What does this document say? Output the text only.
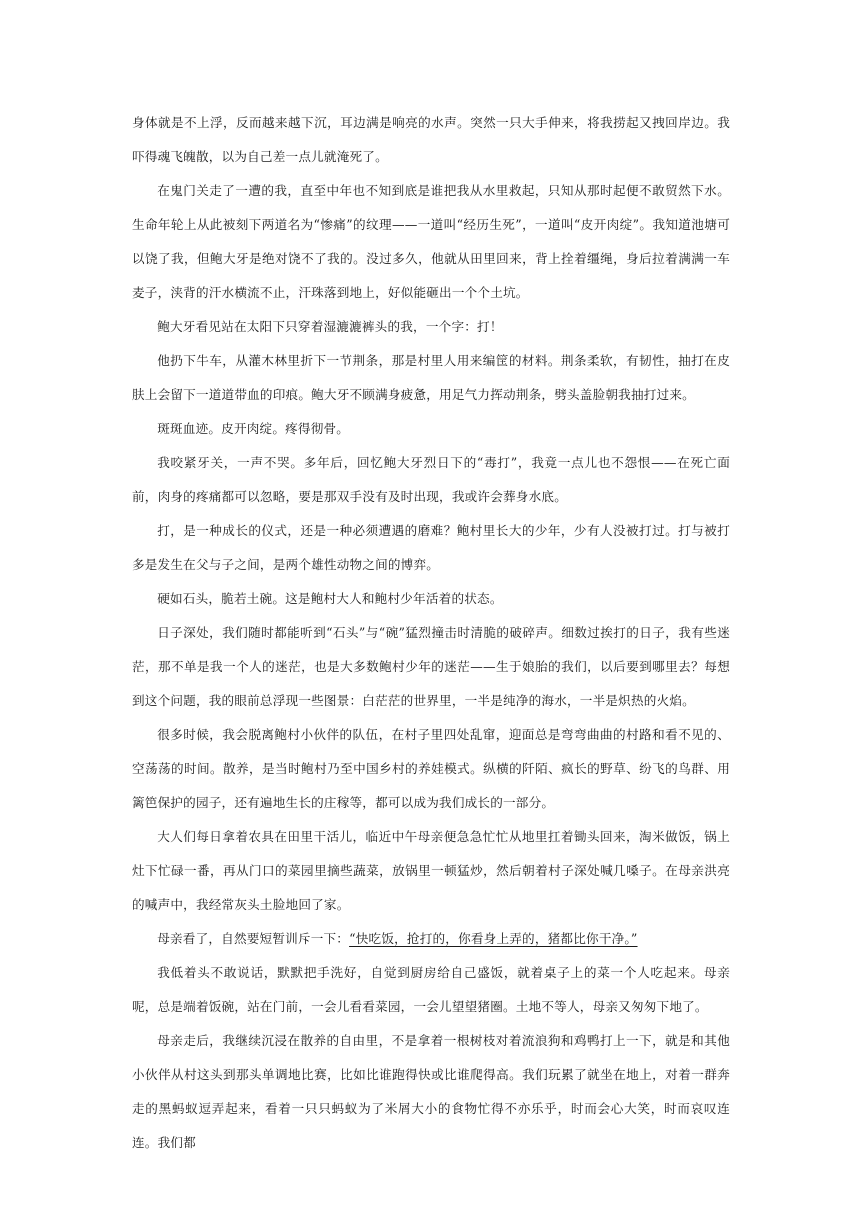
身体就是不上浮，反而越来越下沉，耳边满是响亮的水声。突然一只大手伸来，将我捞起又拽回岸边。我吓得魂飞魄散，以为自己差一点儿就淹死了。

在鬼门关走了一遭的我，直至中年也不知到底是谁把我从水里救起，只知从那时起便不敢贸然下水。生命年轮上从此被刻下两道名为“惨痛”的纹理——一道叫“经历生死”，一道叫“皮开肉绽”。我知道池塘可以饶了我，但鲍大牙是绝对饶不了我的。没过多久，他就从田里回来，背上拴着缰绳，身后拉着满满一车麦子，浃背的汗水横流不止，汗珠落到地上，好似能砸出一个个土坑。

鲍大牙看见站在太阳下只穿着湿漉漉裤头的我，一个字：打！

他扔下牛车，从灌木林里折下一节荆条，那是村里人用来编筐的材料。荆条柔软，有韧性，抽打在皮肤上会留下一道道带血的印痕。鲍大牙不顾满身疲惫，用足气力挥动荆条，劈头盖脸朝我抽打过来。

斑斑血迹。皮开肉绽。疼得彻骨。

我咬紧牙关，一声不哭。多年后，回忆鲍大牙烈日下的“毒打”，我竟一点儿也不怨恨——在死亡面前，肉身的疼痛都可以忽略，要是那双手没有及时出现，我或许会葬身水底。

打，是一种成长的仪式，还是一种必须遭遇的磨难？鲍村里长大的少年，少有人没被打过。打与被打多是发生在父与子之间，是两个雄性动物之间的博弈。

硬如石头，脆若土碗。这是鲍村大人和鲍村少年活着的状态。

日子深处，我们随时都能听到“石头”与“碗”猛烈撞击时清脆的破碎声。细数过挨打的日子，我有些迷茫，那不单是我一个人的迷茫，也是大多数鲍村少年的迷茫——生于娘胎的我们，以后要到哪里去？每想到这个问题，我的眼前总浮现一些图景：白茫茫的世界里，一半是纯净的海水，一半是炽热的火焰。

很多时候，我会脱离鲍村小伙伴的队伍，在村子里四处乱窜，迎面总是弯弯曲曲的村路和看不见的、空荡荡的时间。散养，是当时鲍村乃至中国乡村的养娃模式。纵横的阡陌、疯长的野草、纷飞的鸟群、用篱笆保护的园子，还有遍地生长的庄稼等，都可以成为我们成长的一部分。

大人们每日拿着农具在田里干活儿，临近中午母亲便急急忙忙从地里扛着锄头回来，淘米做饭，锅上灶下忙碌一番，再从门口的菜园里摘些蔬菜，放锅里一顿猛炒，然后朝着村子深处喊几嗓子。在母亲洪亮的喊声中，我经常灰头土脸地回了家。

母亲看了，自然要短暂训斥一下：“快吃饭，抢打的，你看身上弄的，猪都比你干净。”

我低着头不敢说话，默默把手洗好，自觉到厨房给自己盛饭，就着桌子上的菜一个人吃起来。母亲呢，总是端着饭碗，站在门前，一会儿看看菜园，一会儿望望猪圈。土地不等人，母亲又匆匆下地了。

母亲走后，我继续沉浸在散养的自由里，不是拿着一根树枝对着流浪狗和鸡鸭打上一下，就是和其他小伙伴从村这头到那头单调地比赛，比如比谁跑得快或比谁爬得高。我们玩累了就坐在地上，对着一群奔走的黑蚂蚁逗弄起来，看着一只只蚂蚁为了米屑大小的食物忙得不亦乐乎，时而会心大笑，时而哀叹连连。我们都
